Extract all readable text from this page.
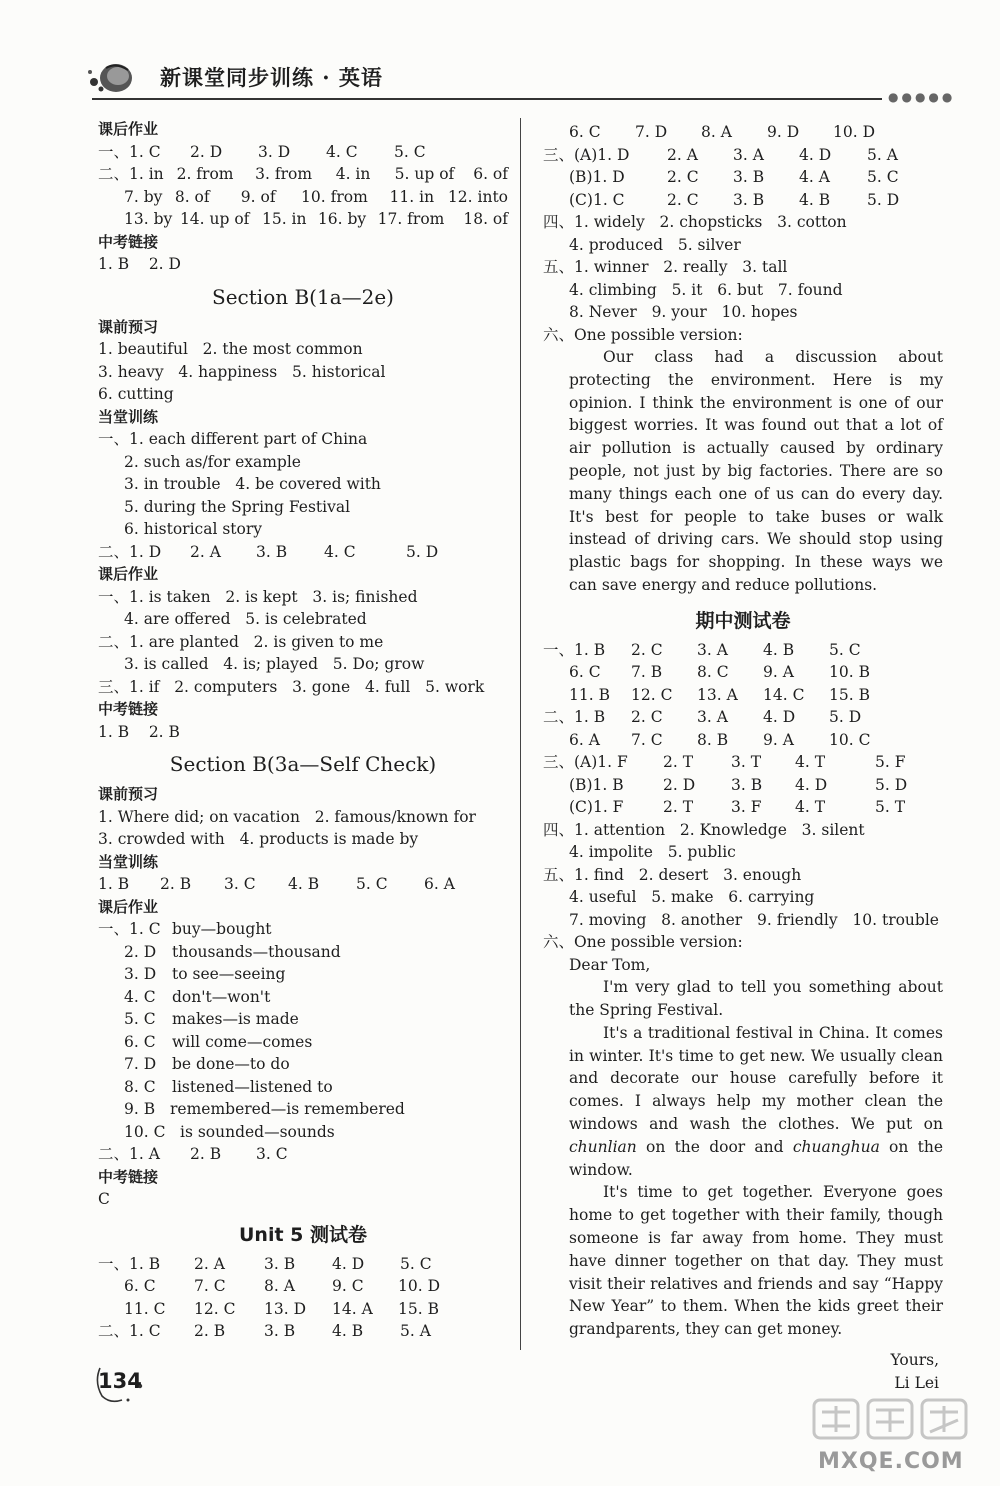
新课堂同步训练 · 英语
●●●●●
课后作业
一、1. C	2. D	3. D	4. C	5. C
二、1. in 2. from	3. from	4. in	5. up of	6. of
7. by 8. of	9. of	10. from	11. in 12. into
13. by 14. up of 15. in 16. by 17. from	18. of
中考链接
1. B    2. D
Section B(1a—2e)
课前预习
1. beautiful   2. the most common
3. heavy   4. happiness   5. historical
6. cutting
当堂训练
一、1. each different part of China
2. such as/for example
3. in trouble   4. be covered with
5. during the Spring Festival
6. historical story
二、1. D	2. A	3. B	4. C	5. D
课后作业
一、1. is taken   2. is kept   3. is; finished
4. are offered   5. is celebrated
二、1. are planted   2. is given to me
3. is called   4. is; played   5. Do; grow
三、1. if   2. computers   3. gone   4. full   5. work
中考链接
1. B    2. B
Section B(3a—Self Check)
课前预习
1. Where did; on vacation   2. famous/known for
3. crowded with   4. products is made by
当堂训练
1. B	2. B	3. C	4. B	5. C	6. A
课后作业
一、1. C buy—bought
2. D	thousands—thousand
3. D	to see—seeing
4. C	don't—won't
5. C	makes—is made
6. C	will come—comes
7. D	be done—to do
8. C	listened—listened to
9. B remembered—is remembered
10. C is sounded—sounds
二、1. A	2. B	3. C
中考链接
C
Unit 5 测试卷
一、1. B	2. A	3. B	4. D	5. C
6. C	7. C	8. A	9. C	10. D
11. C	12. C	13. D	14. A	15. B
二、1. C	2. B	3. B	4. B	5. A
6. C	7. D	8. A	9. D	10. D
三、(A)1. D	2. A	3. A	4. D	5. A
(B)1. D	2. C	3. B	4. A	5. C
(C)1. C	2. C	3. B	4. B	5. D
四、1. widely   2. chopsticks   3. cotton
4. produced   5. silver
五、1. winner   2. really   3. tall
4. climbing   5. it   6. but   7. found
8. Never   9. your   10. hopes
六、One possible version:
Our class had a discussion about protecting the environment. Here is my opinion. I think the environment is one of our biggest worries. It was found out that a lot of air pollution is actually caused by ordinary people, not just by big factories. There are so many things each one of us can do every day. It's best for people to take buses or walk instead of driving cars. We should stop using plastic bags for shopping. In these ways we can save energy and reduce pollutions.
期中测试卷
一、1. B	2. C	3. A	4. B	5. C
6. C	7. B	8. C	9. A	10. B
11. B	12. C	13. A	14. C	15. B
二、1. B	2. C	3. A	4. D	5. D
6. A	7. C	8. B	9. A	10. C
三、(A)1. F	2. T	3. T	4. T	5. F
(B)1. B	2. D	3. B	4. D	5. D
(C)1. F	2. T	3. F	4. T	5. T
四、1. attention   2. Knowledge   3. silent
4. impolite   5. public
五、1. find   2. desert   3. enough
4. useful   5. make   6. carrying
7. moving   8. another   9. friendly   10. trouble
六、One possible version:
Dear Tom,
I'm very glad to tell you something about the Spring Festival.
It's a traditional festival in China. It comes in winter. It's time to get new. We usually clean and decorate our house carefully before it comes. I always help my mother clean the windows and wash the clothes. We put on chunlian on the door and chuanghua on the window.
It's time to get together. Everyone goes home to get together with their family, though someone is far away from home. They must have dinner together on that day. They must visit their relatives and friends and say “Happy New Year” to them. When the kids greet their grandparents, they can get money.
Yours,
Li Lei
134
MXQE.COM
